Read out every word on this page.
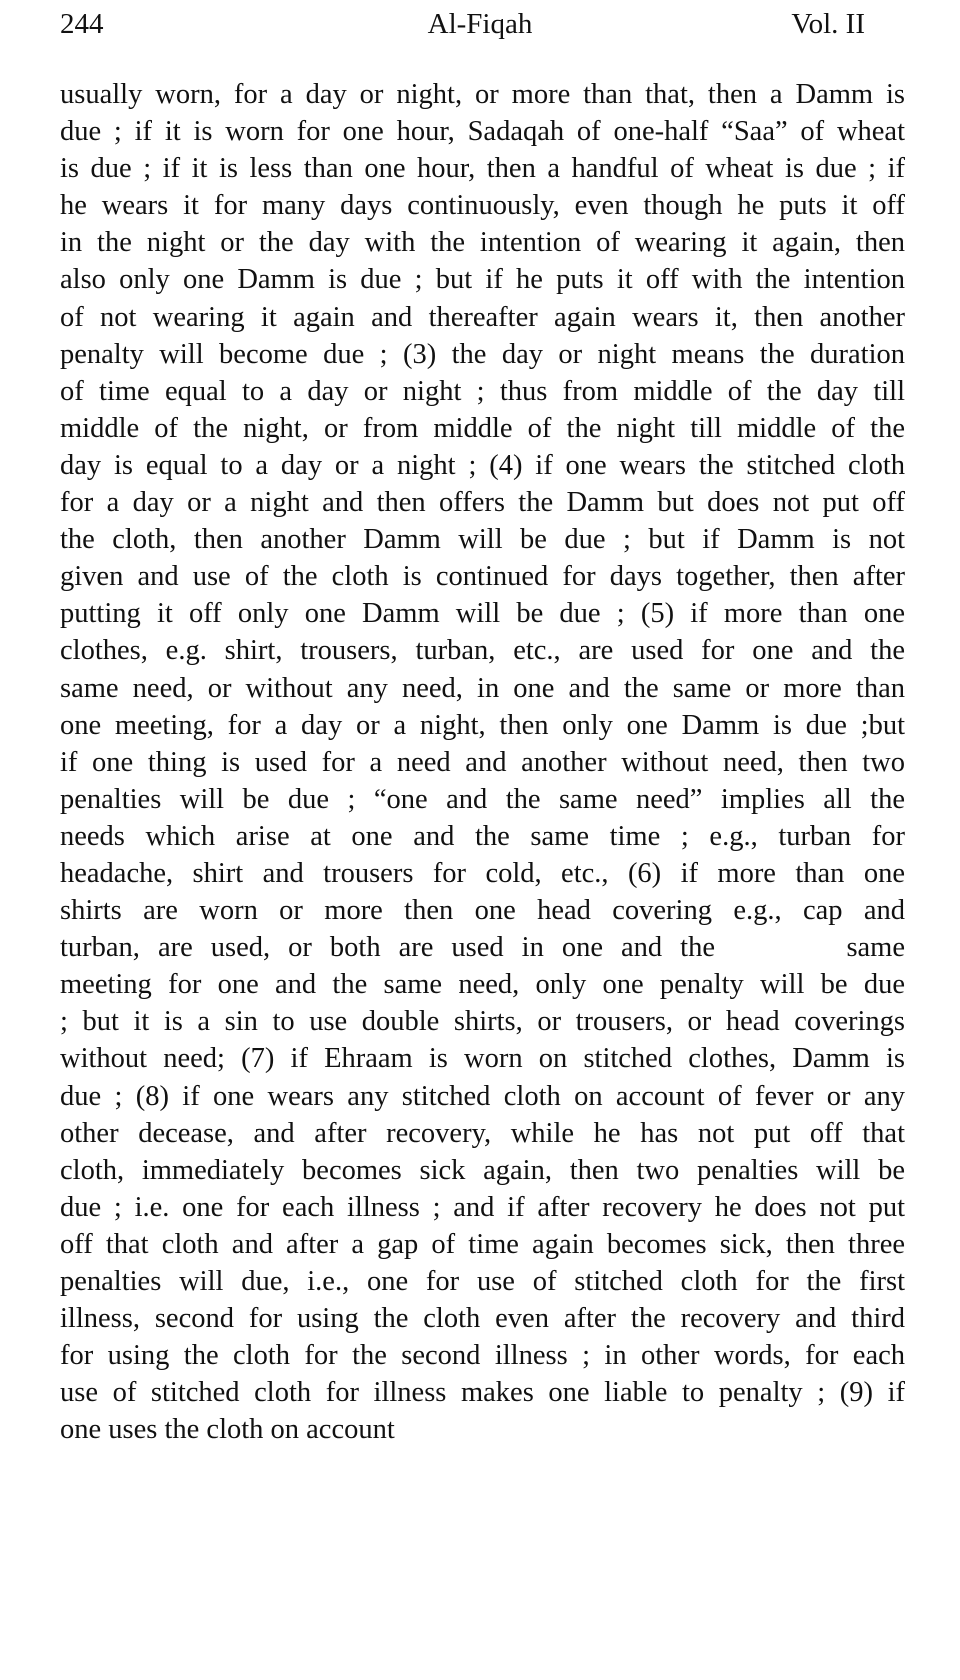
244	Al-Fiqah	Vol. II
usually worn, for a day or night, or more than that, then a Damm is
due ; if it is worn for one hour, Sadaqah of one-half “Saa” of wheat
is due ; if it is less than one hour, then a handful of wheat is due ; if
he wears it for many days continuously, even though he puts it off
in the night or the day with the intention of wearing it again, then
also only one Damm is due ; but if he puts it off with the intention
of not wearing it again and thereafter again wears it, then another
penalty will become due ; (3) the day or night means the duration
of time equal to a day or night ; thus from middle of the day till
middle of the night, or from middle of the night till middle of the
day is equal to a day or a night ; (4) if one wears the stitched cloth
for a day or a night and then offers the Damm but does not put off
the cloth, then another Damm will be due ; but if Damm is not
given and use of the cloth is continued for days together, then after
putting it off only one Damm will be due ; (5) if more than one
clothes, e.g. shirt, trousers, turban, etc., are used for one and the
same need, or without any need, in one and the same or more than
one meeting, for a day or a night, then only one Damm is due ;but
if one thing is used for a need and another without need, then two
penalties will be due ; “one and the same need” implies all the
needs which arise at one and the same time ; e.g., turban for
headache, shirt and trousers for cold, etc., (6) if more than one
shirts are worn or more then one head covering e.g., cap and
turban, are used, or both are used in one and the	same
meeting for one and the same need, only one penalty will be due
; but it is a sin to use double shirts, or trousers, or head coverings
without need; (7) if Ehraam is worn on stitched clothes, Damm is
due ; (8) if one wears any stitched cloth on account of fever or any
other decease, and after recovery, while he has not put off that
cloth, immediately becomes sick again, then two penalties will be
due ; i.e. one for each illness ; and if after recovery he does not put
off that cloth and after a gap of time again becomes sick, then three
penalties will due, i.e., one for use of stitched cloth for the first
illness, second for using the cloth even after the recovery and third
for using the cloth for the second illness ; in other words, for each
use of stitched cloth for illness makes one liable to penalty ; (9) if
one uses the cloth on account
